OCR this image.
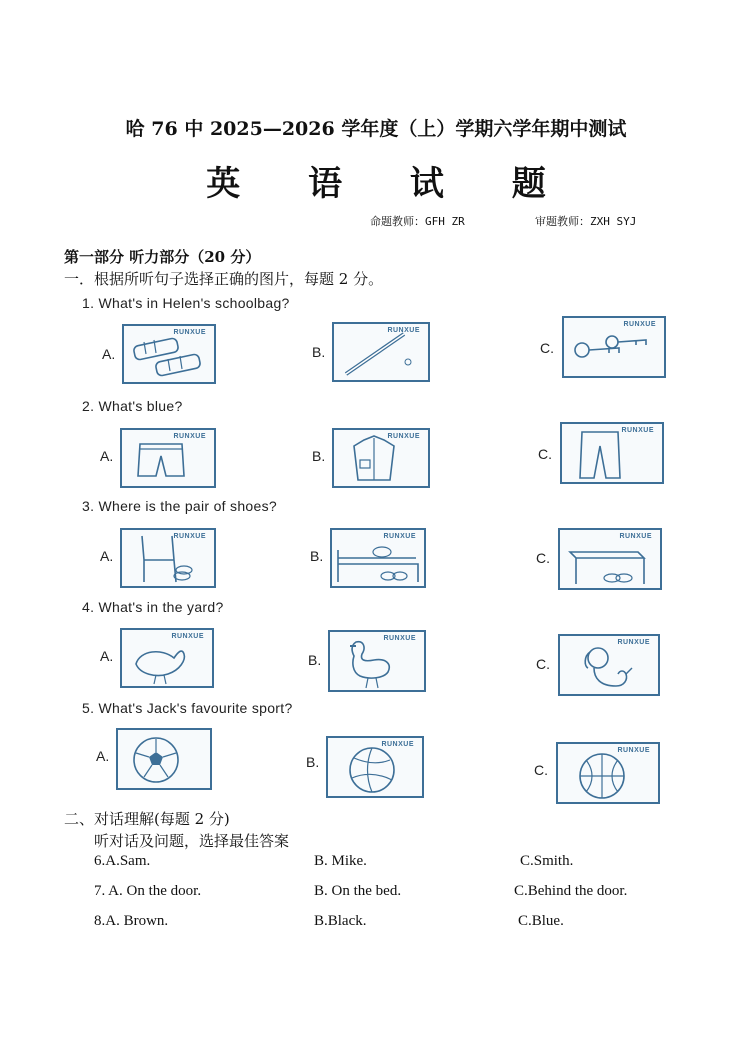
哈 76 中 2025—2026 学年度（上）学期六学年期中测试
英 语 试 题
命题教师：GFH ZR	审题教师：ZXH SYJ
第一部分 听力部分（20 分）
一．根据所听句子选择正确的图片，每题 2 分。
1. What's in Helen's schoolbag?
A.
RUNXUE
B.
RUNXUE
C.
RUNXUE
2. What's blue?
A.
RUNXUE
B.
RUNXUE
C.
RUNXUE
3. Where is the pair of shoes?
A.
RUNXUE
B.
RUNXUE
C.
RUNXUE
4. What's in the yard?
A.
RUNXUE
B.
RUNXUE
C.
RUNXUE
5. What's Jack's favourite sport?
A.	B.
RUNXUE
C.
RUNXUE
二、对话理解(每题 2 分)
听对话及问题，选择最佳答案
6.A.Sam.	B. Mike.	C.Smith.
7. A. On the door.	B. On the bed.	C.Behind the door.
8.A. Brown.	B.Black.	C.Blue.
